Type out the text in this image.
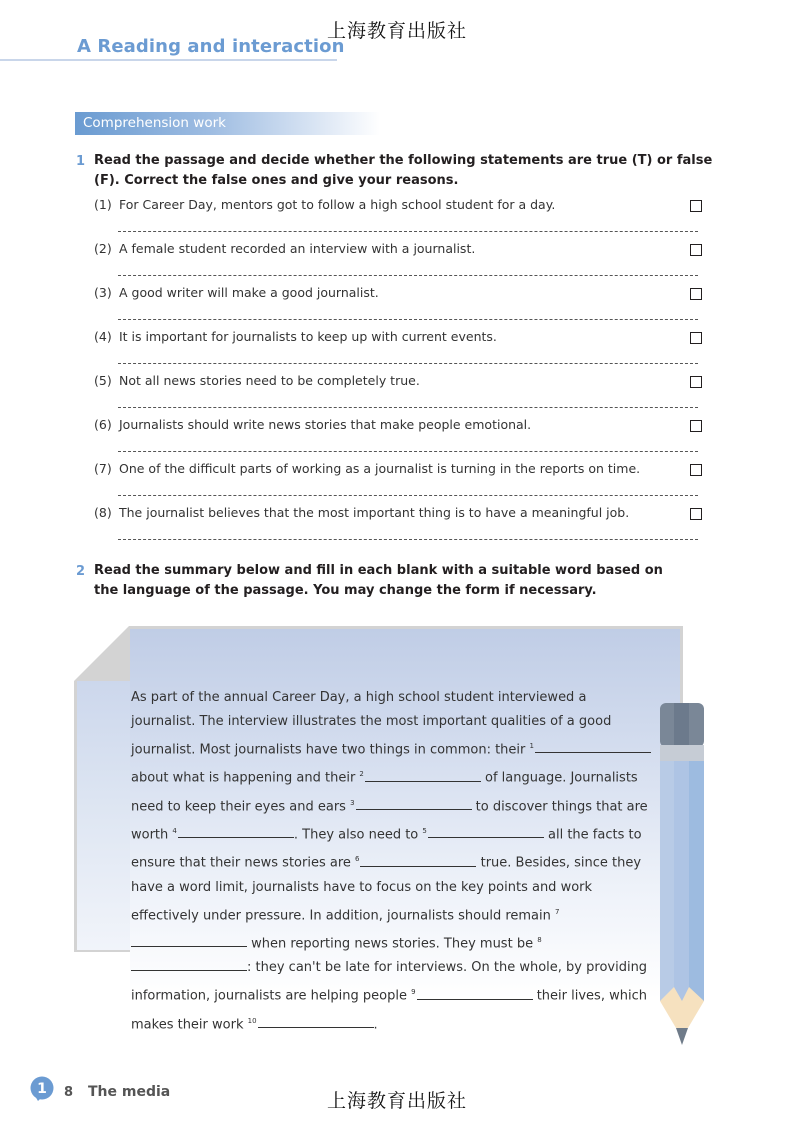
上海教育出版社
A Reading and interaction
Comprehension work
1 Read the passage and decide whether the following statements are true (T) or false (F). Correct the false ones and give your reasons.
(1) For Career Day, mentors got to follow a high school student for a day.
(2) A female student recorded an interview with a journalist.
(3) A good writer will make a good journalist.
(4) It is important for journalists to keep up with current events.
(5) Not all news stories need to be completely true.
(6) Journalists should write news stories that make people emotional.
(7) One of the difficult parts of working as a journalist is turning in the reports on time.
(8) The journalist believes that the most important thing is to have a meaningful job.
2 Read the summary below and fill in each blank with a suitable word based on the language of the passage. You may change the form if necessary.

As part of the annual Career Day, a high school student interviewed a journalist. The interview illustrates the most important qualities of a good journalist. Most journalists have two things in common: their $^1$ about what is happening and their $^2$	of language. Journalists need to keep their eyes and ears $^3$	to discover things that are worth $^4$	. They also need to $^5$	all the facts to ensure that their news stories are $^6$	true. Besides, since they have a word limit, journalists have to focus on the key points and work effectively under pressure. In addition, journalists should remain $^7$ when reporting news stories. They must be $^8$: they can't be late for interviews. On the whole, by providing information, journalists are helping people $^9$	their lives, which makes their work $^{10}$	.

1 8 The media	上海教育出版社
